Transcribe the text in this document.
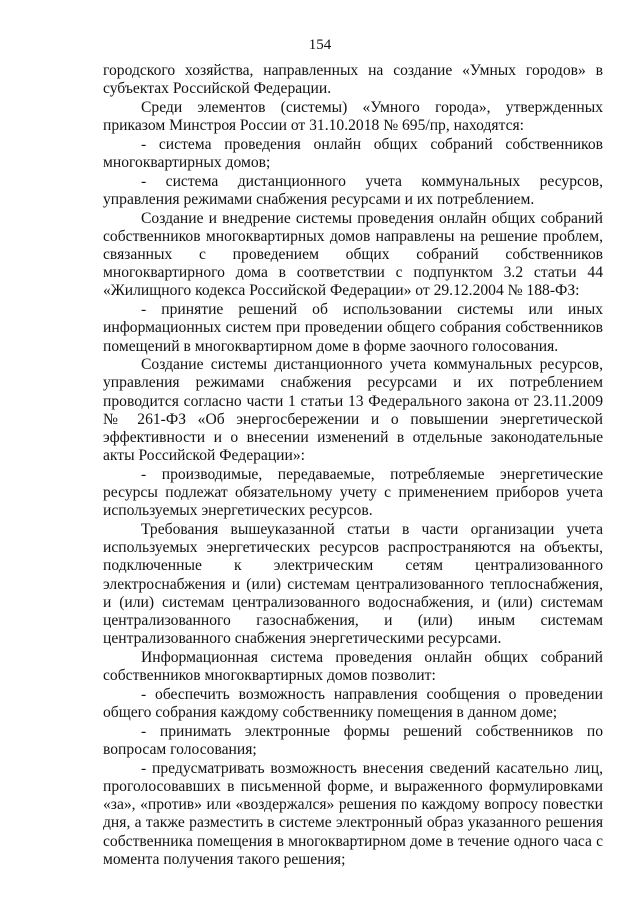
154

городского хозяйства, направленных на создание «Умных городов» в субъектах Российской Федерации.

Среди элементов (системы) «Умного города», утвержденных приказом Минстроя России от 31.10.2018 № 695/пр, находятся:

- система проведения онлайн общих собраний собственников многоквартирных домов;

- система дистанционного учета коммунальных ресурсов, управления режимами снабжения ресурсами и их потреблением.

Создание и внедрение системы проведения онлайн общих собраний собственников многоквартирных домов направлены на решение проблем, связанных с проведением общих собраний собственников многоквартирного дома в соответствии с подпунктом 3.2 статьи 44 «Жилищного кодекса Российской Федерации» от 29.12.2004 № 188-ФЗ:

- принятие решений об использовании системы или иных информационных систем при проведении общего собрания собственников помещений в многоквартирном доме в форме заочного голосования.

Создание системы дистанционного учета коммунальных ресурсов, управления режимами снабжения ресурсами и их потреблением проводится согласно части 1 статьи 13 Федерального закона от 23.11.2009 № 261-ФЗ «Об энергосбережении и о повышении энергетической эффективности и о внесении изменений в отдельные законодательные акты Российской Федерации»:

- производимые, передаваемые, потребляемые энергетические ресурсы подлежат обязательному учету с применением приборов учета используемых энергетических ресурсов.

Требования вышеуказанной статьи в части организации учета используемых энергетических ресурсов распространяются на объекты, подключенные к электрическим сетям централизованного электроснабжения и (или) системам централизованного теплоснабжения, и (или) системам централизованного водоснабжения, и (или) системам централизованного газоснабжения, и (или) иным системам централизованного снабжения энергетическими ресурсами.

Информационная система проведения онлайн общих собраний собственников многоквартирных домов позволит:

- обеспечить возможность направления сообщения о проведении общего собрания каждому собственнику помещения в данном доме;

- принимать электронные формы решений собственников по вопросам голосования;

- предусматривать возможность внесения сведений касательно лиц, проголосовавших в письменной форме, и выраженного формулировками «за», «против» или «воздержался» решения по каждому вопросу повестки дня, а также разместить в системе электронный образ указанного решения собственника помещения в многоквартирном доме в течение одного часа с момента получения такого решения;
